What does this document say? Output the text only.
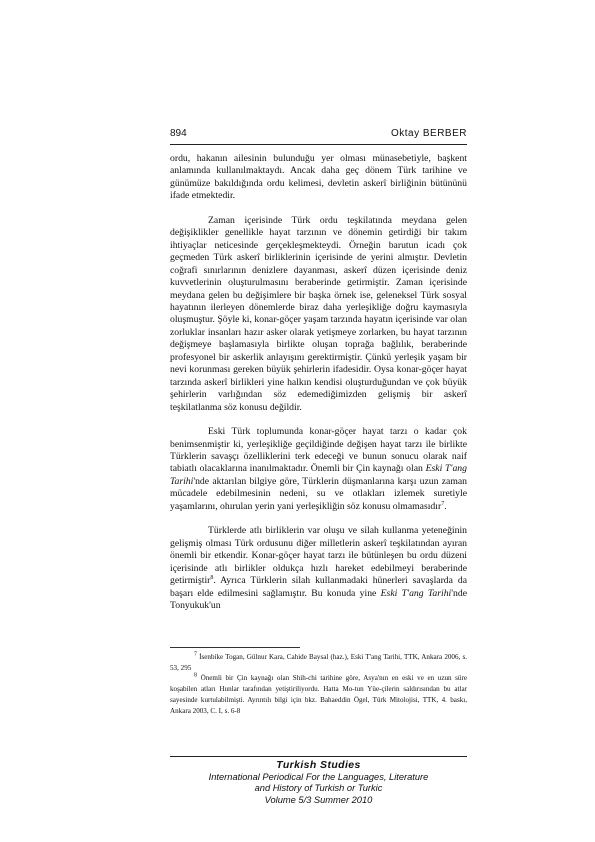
894	Oktay BERBER

ordu, hakanın ailesinin bulunduğu yer olması münasebetiyle, başkent anlamında kullanılmaktaydı. Ancak daha geç dönem Türk tarihine ve günümüze bakıldığında ordu kelimesi, devletin askerî birliğinin bütününü ifade etmektedir.

Zaman içerisinde Türk ordu teşkilatında meydana gelen değişiklikler genellikle hayat tarzının ve dönemin getirdiği bir takım ihtiyaçlar neticesinde gerçekleşmekteydi. Örneğin barutun icadı çok geçmeden Türk askerî birliklerinin içerisinde de yerini almıştır. Devletin coğrafi sınırlarının denizlere dayanması, askerî düzen içerisinde deniz kuvvetlerinin oluşturulmasını beraberinde getirmiştir. Zaman içerisinde meydana gelen bu değişimlere bir başka örnek ise, geleneksel Türk sosyal hayatının ilerleyen dönemlerde biraz daha yerleşikliğe doğru kaymasıyla oluşmuştur. Şöyle ki, konar-göçer yaşam tarzında hayatın içerisinde var olan zorluklar insanları hazır asker olarak yetişmeye zorlarken, bu hayat tarzının değişmeye başlamasıyla birlikte oluşan toprağa bağlılık, beraberinde profesyonel bir askerlik anlayışını gerektirmiştir. Çünkü yerleşik yaşam bir nevi korunması gereken büyük şehirlerin ifadesidir. Oysa konar-göçer hayat tarzında askerî birlikleri yine halkın kendisi oluşturduğundan ve çok büyük şehirlerin varlığından söz edemediğimizden gelişmiş bir askerî teşkilatlanma söz konusu değildir.

Eski Türk toplumunda konar-göçer hayat tarzı o kadar çok benimsenmiştir ki, yerleşikliğe geçildiğinde değişen hayat tarzı ile birlikte Türklerin savaşçı özelliklerini terk edeceği ve bunun sonucu olarak naif tabiatlı olacaklarına inanılmaktadır. Önemli bir Çin kaynağı olan Eski T'ang Tarihi'nde aktarılan bilgiye göre, Türklerin düşmanlarına karşı uzun zaman mücadele edebilmesinin nedeni, su ve otlakları izlemek suretiyle yaşamlarını, ohırulan yerin yani yerleşikliğin söz konusu olmamasıdır$^7$.

Türklerde atlı birliklerin var oluşu ve silah kullanma yeteneğinin gelişmiş olması Türk ordusunu diğer milletlerin askerî teşkilatından ayıran önemli bir etkendir. Konar-göçer hayat tarzı ile bütünleşen bu ordu düzeni içerisinde atlı birlikler oldukça hızlı hareket edebilmeyi beraberinde getirmiştir$^8$. Ayrıca Türklerin silah kullanmadaki hünerleri savaşlarda da başarı elde edilmesini sağlamıştır. Bu konuda yine Eski T'ang Tarihi'nde Tonyukuk'un

$^7$ İsenbike Togan, Gülnur Kara, Cahide Baysal (haz.), Eski T'ang Tarihi, TTK, Ankara 2006, s. 53, 295

$^8$ Önemli bir Çin kaynağı olan Shih-chi tarihine göre, Asya'nın en eski ve en uzun süre koşabilen atları Hunlar tarafından yetiştiriliyordu. Hatta Mo-tun Yüe-çilerin saldırısından bu atlar sayesinde kurtulabilmişti. Ayrıntılı bilgi için bkz. Bahaeddin Ögel, Türk Mitolojisi, TTK, 4. baskı, Ankara 2003, C. I, s. 6-8

Turkish Studies
International Periodical For the Languages, Literature
and History of Turkish or Turkic
Volume 5/3 Summer 2010
